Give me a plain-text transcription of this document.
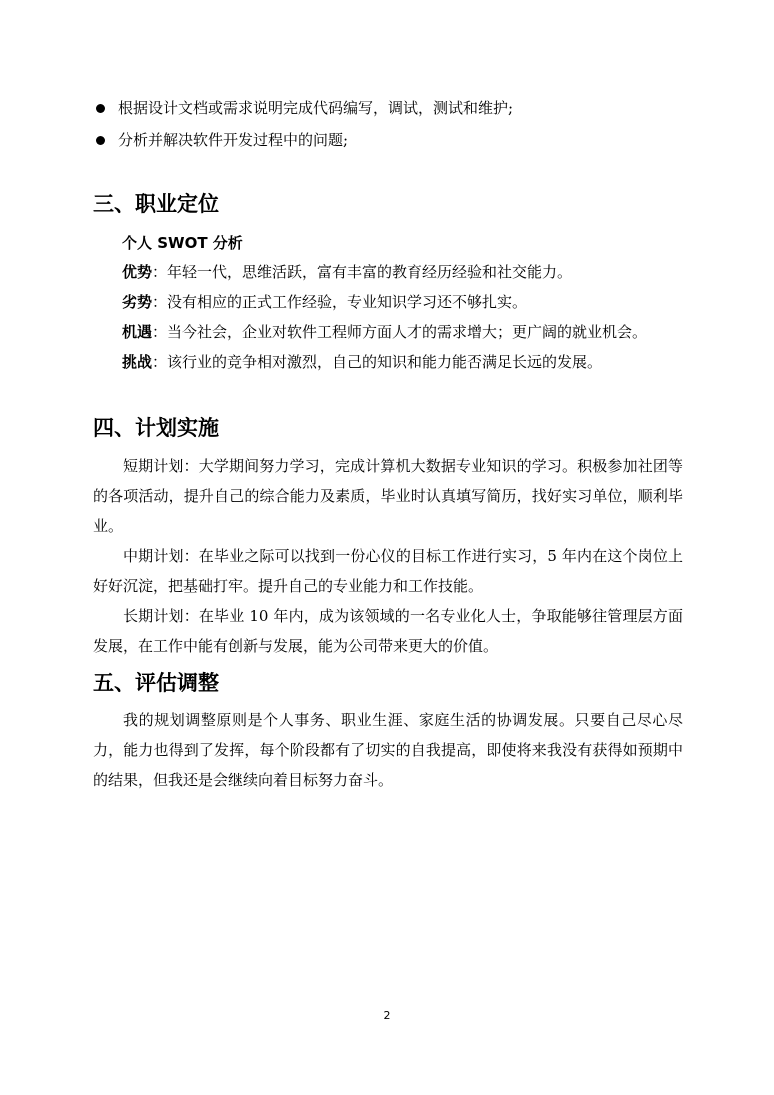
根据设计文档或需求说明完成代码编写，调试，测试和维护;
分析并解决软件开发过程中的问题;
三、职业定位
个人 SWOT 分析
优势：年轻一代，思维活跃，富有丰富的教育经历经验和社交能力。
劣势：没有相应的正式工作经验，专业知识学习还不够扎实。
机遇：当今社会，企业对软件工程师方面人才的需求增大；更广阔的就业机会。
挑战：该行业的竞争相对激烈，自己的知识和能力能否满足长远的发展。
四、计划实施
短期计划：大学期间努力学习，完成计算机大数据专业知识的学习。积极参加社团等的各项活动，提升自己的综合能力及素质，毕业时认真填写简历，找好实习单位，顺利毕业。
中期计划：在毕业之际可以找到一份心仪的目标工作进行实习，5 年内在这个岗位上好好沉淀，把基础打牢。提升自己的专业能力和工作技能。
长期计划：在毕业 10 年内，成为该领域的一名专业化人士，争取能够往管理层方面发展，在工作中能有创新与发展，能为公司带来更大的价值。
五、评估调整
我的规划调整原则是个人事务、职业生涯、家庭生活的协调发展。只要自己尽心尽力，能力也得到了发挥，每个阶段都有了切实的自我提高，即使将来我没有获得如预期中的结果，但我还是会继续向着目标努力奋斗。
2
